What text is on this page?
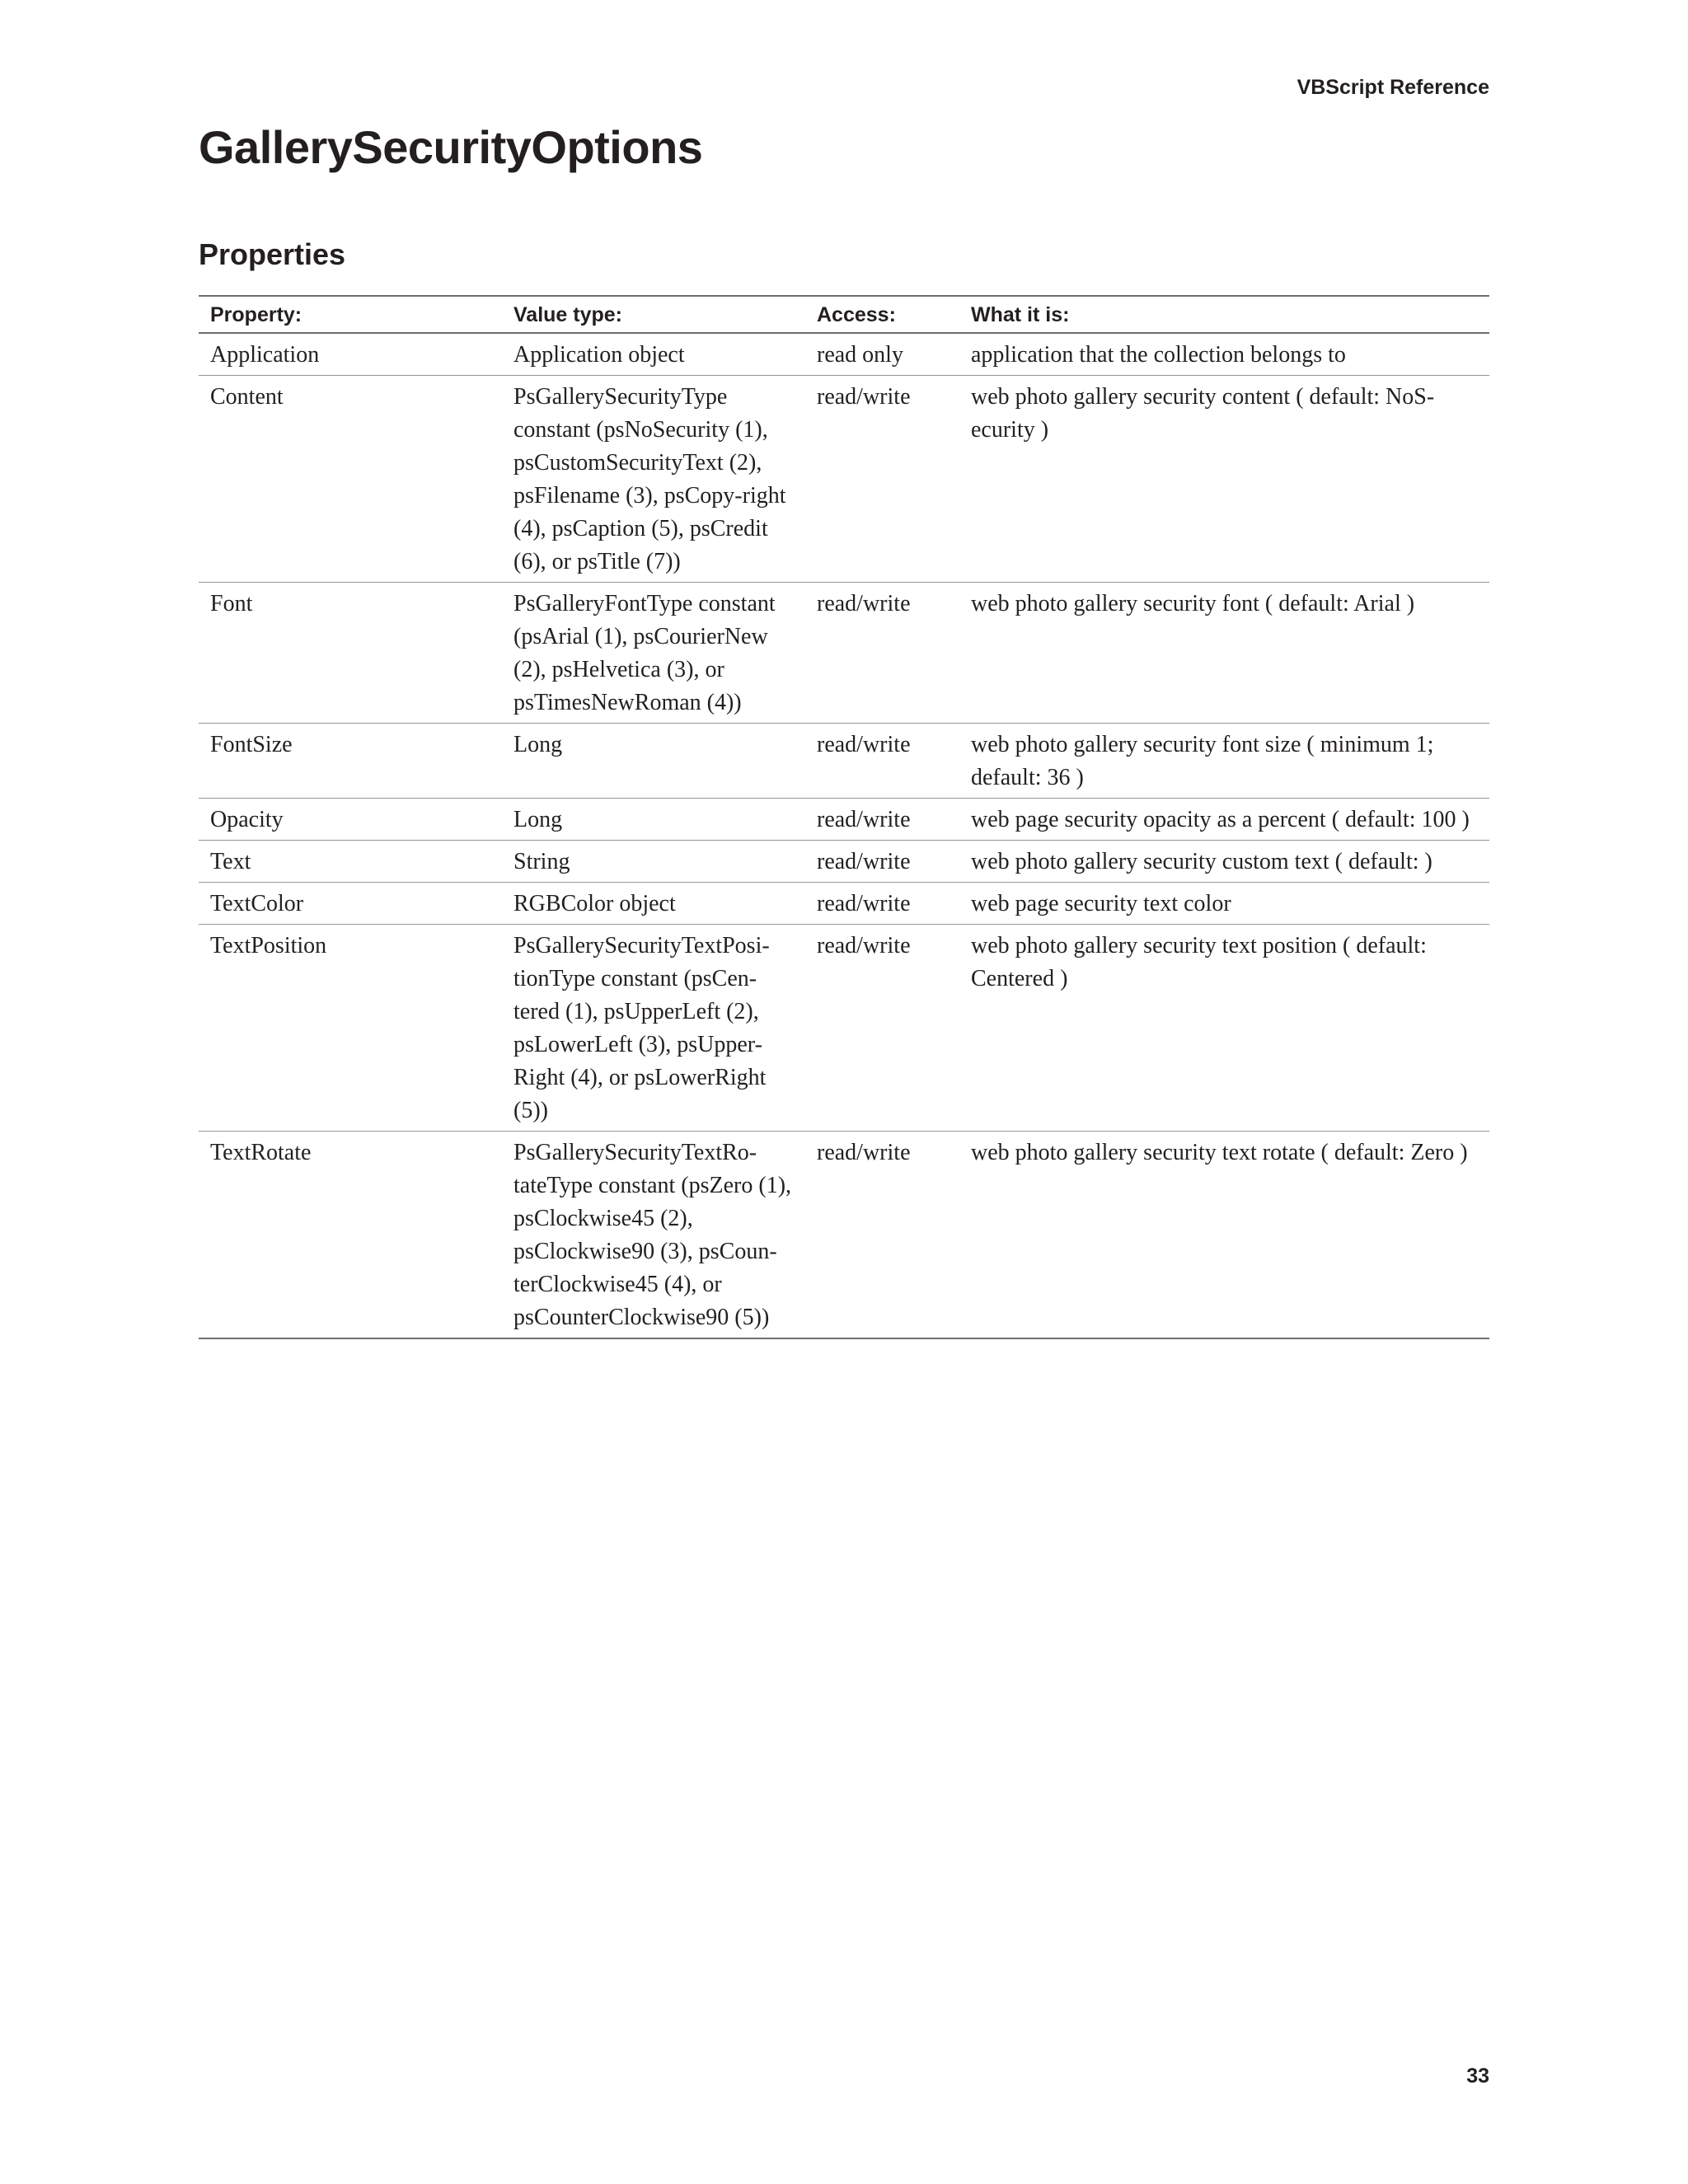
VBScript Reference
GallerySecurityOptions
Properties
Property:	Value type:	Access:	What it is:
Application	Application object	read only	application that the collection belongs to
Content	PsGallerySecurityType constant (psNoSecurity (1), psCustomSecurityText (2), psFilename (3), psCopy-right (4), psCaption (5), psCredit (6), or psTitle (7))	read/write	web photo gallery security content ( default: NoS-ecurity )
Font	PsGalleryFontType constant (psArial (1), psCourierNew (2), psHelvetica (3), or psTimesNewRoman (4))	read/write	web photo gallery security font ( default: Arial )
FontSize	Long	read/write	web photo gallery security font size ( minimum 1; default: 36 )
Opacity	Long	read/write	web page security opacity as a percent ( default: 100 )
Text	String	read/write	web photo gallery security custom text ( default: )
TextColor	RGBColor object	read/write	web page security text color
TextPosition	PsGallerySecurityTextPosi-tionType constant (psCen-tered (1), psUpperLeft (2), psLowerLeft (3), psUpper-Right (4), or psLowerRight (5))	read/write	web photo gallery security text position ( default: Centered )
TextRotate	PsGallerySecurityTextRo-tateType constant (psZero (1), psClockwise45 (2), psClockwise90 (3), psCoun-terClockwise45 (4), or psCounterClockwise90 (5))	read/write	web photo gallery security text rotate ( default: Zero )
33
